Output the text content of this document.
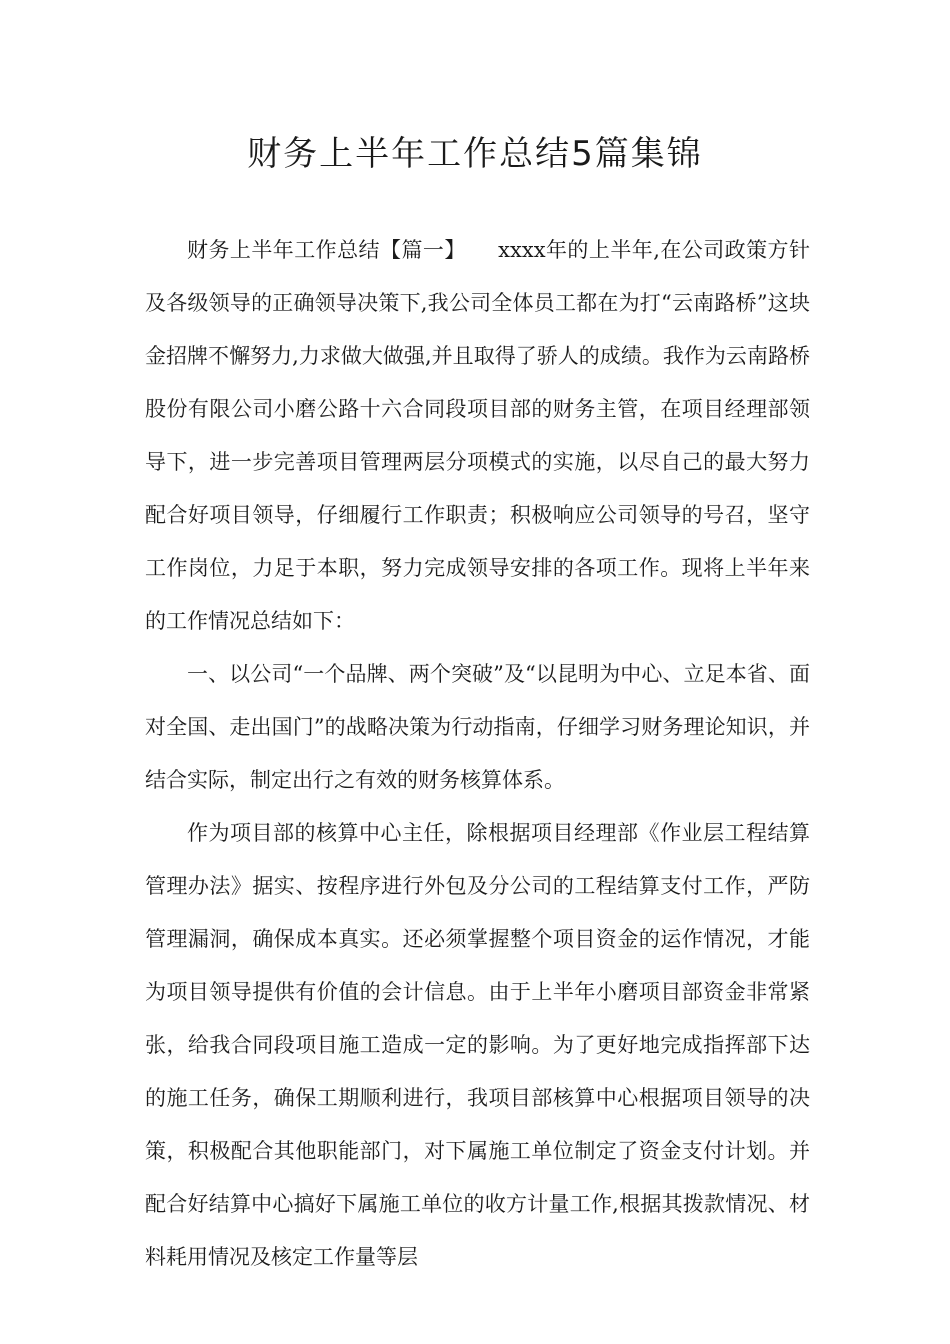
财务上半年工作总结5篇集锦

财务上半年工作总结【篇一】　　xxxx年的上半年,在公司政策方针及各级领导的正确领导决策下,我公司全体员工都在为打“云南路桥”这块金招牌不懈努力,力求做大做强,并且取得了骄人的成绩。我作为云南路桥股份有限公司小磨公路十六合同段项目部的财务主管，在项目经理部领导下，进一步完善项目管理两层分项模式的实施，以尽自己的最大努力配合好项目领导，仔细履行工作职责；积极响应公司领导的号召，坚守工作岗位，力足于本职，努力完成领导安排的各项工作。现将上半年来的工作情况总结如下：

一、以公司“一个品牌、两个突破”及“以昆明为中心、立足本省、面对全国、走出国门”的战略决策为行动指南，仔细学习财务理论知识，并结合实际，制定出行之有效的财务核算体系。

作为项目部的核算中心主任，除根据项目经理部《作业层工程结算管理办法》据实、按程序进行外包及分公司的工程结算支付工作，严防管理漏洞，确保成本真实。还必须掌握整个项目资金的运作情况，才能为项目领导提供有价值的会计信息。由于上半年小磨项目部资金非常紧张，给我合同段项目施工造成一定的影响。为了更好地完成指挥部下达的施工任务，确保工期顺利进行，我项目部核算中心根据项目领导的决策，积极配合其他职能部门，对下属施工单位制定了资金支付计划。并配合好结算中心搞好下属施工单位的收方计量工作,根据其拨款情况、材料耗用情况及核定工作量等层
